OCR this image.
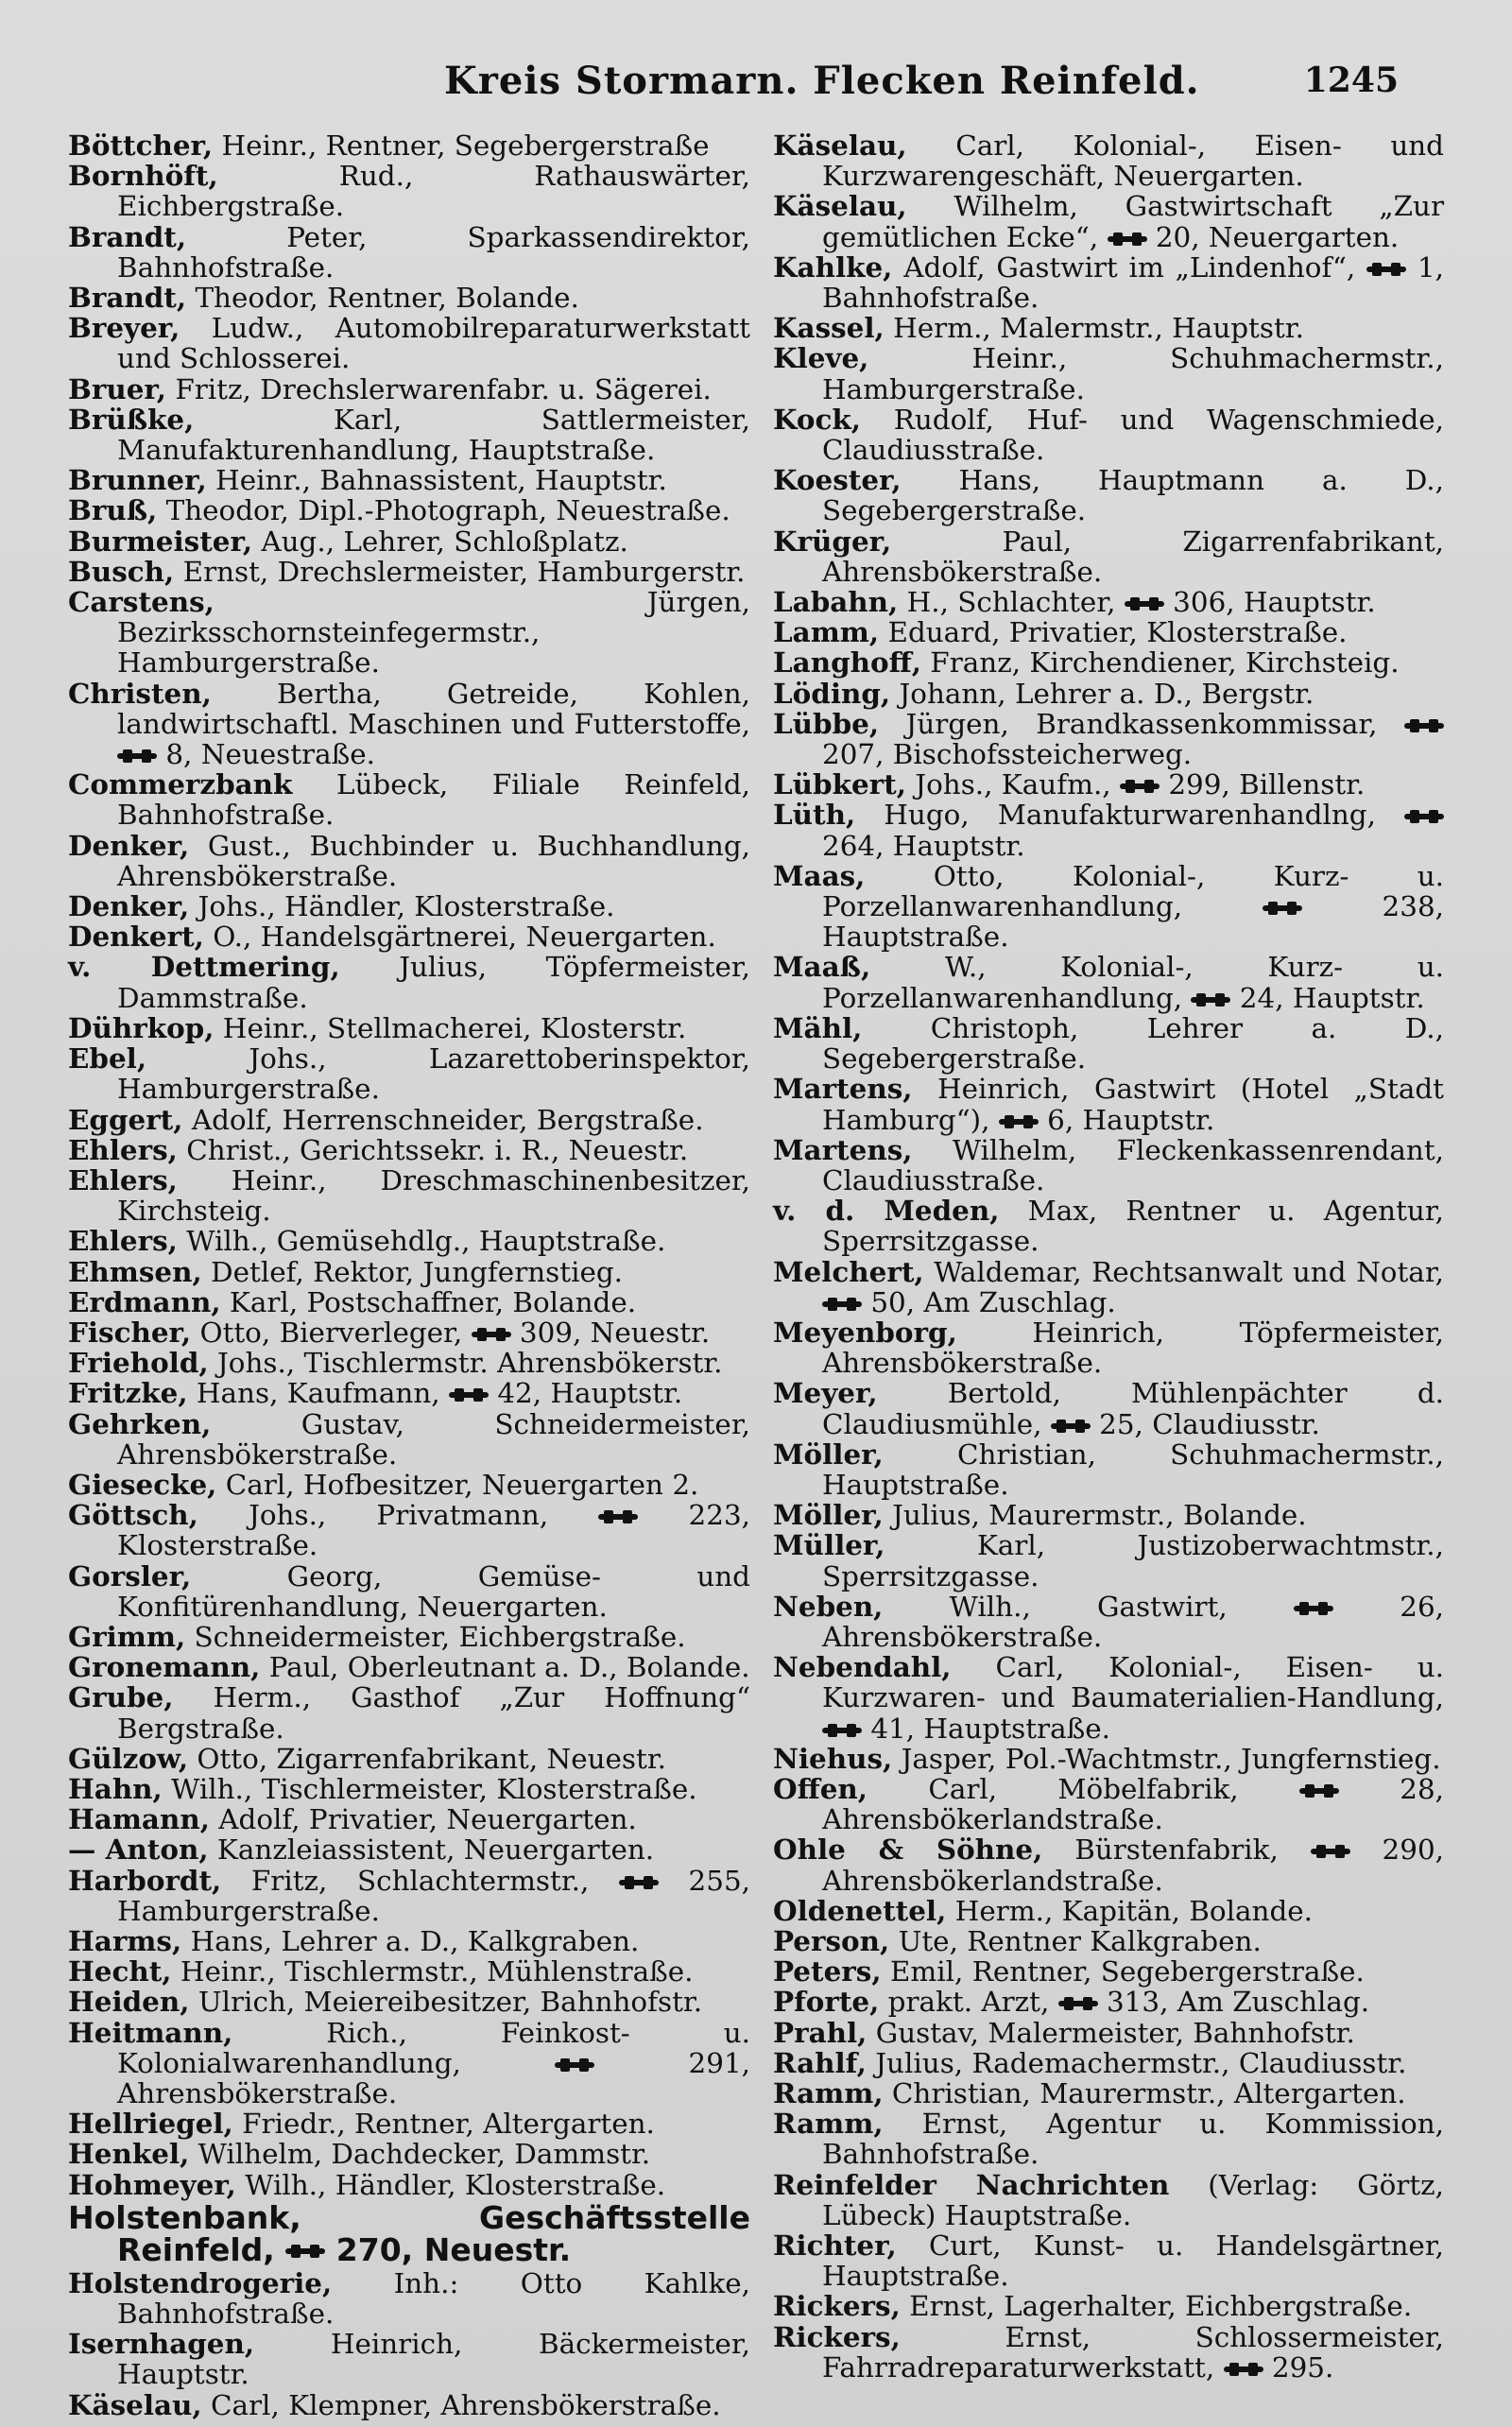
Kreis Stormarn. Flecken Reinfeld.	1245

Böttcher, Heinr., Rentner, Segebergerstraße

Bornhöft, Rud., Rathauswärter, Eichbergstraße.

Brandt, Peter, Sparkassendirektor, Bahnhofstraße.

Brandt, Theodor, Rentner, Bolande.

Breyer, Ludw., Automobilreparaturwerkstatt und Schlosserei.

Bruer, Fritz, Drechslerwarenfabr. u. Sägerei.

Brüßke, Karl, Sattlermeister, Manufakturenhandlung, Hauptstraße.

Brunner, Heinr., Bahnassistent, Hauptstr.

Bruß, Theodor, Dipl.-Photograph, Neuestraße.

Burmeister, Aug., Lehrer, Schloßplatz.

Busch, Ernst, Drechslermeister, Hamburgerstr.

Carstens, Jürgen, Bezirksschornsteinfegermstr., Hamburgerstraße.

Christen, Bertha, Getreide, Kohlen, landwirtschaftl. Maschinen und Futterstoffe,  8, Neuestraße.

Commerzbank Lübeck, Filiale Reinfeld, Bahnhofstraße.

Denker, Gust., Buchbinder u. Buchhandlung, Ahrensbökerstraße.

Denker, Johs., Händler, Klosterstraße.

Denkert, O., Handelsgärtnerei, Neuergarten.

v. Dettmering, Julius, Töpfermeister, Dammstraße.

Dührkop, Heinr., Stellmacherei, Klosterstr.

Ebel, Johs., Lazarettoberinspektor, Hamburgerstraße.

Eggert, Adolf, Herrenschneider, Bergstraße.

Ehlers, Christ., Gerichtssekr. i. R., Neuestr.

Ehlers, Heinr., Dreschmaschinenbesitzer, Kirchsteig.

Ehlers, Wilh., Gemüsehdlg., Hauptstraße.

Ehmsen, Detlef, Rektor, Jungfernstieg.

Erdmann, Karl, Postschaffner, Bolande.

Fischer, Otto, Bierverleger,  309, Neuestr.

Friehold, Johs., Tischlermstr. Ahrensbökerstr.

Fritzke, Hans, Kaufmann,  42, Hauptstr.

Gehrken, Gustav, Schneidermeister, Ahrensbökerstraße.

Giesecke, Carl, Hofbesitzer, Neuergarten 2.

Göttsch, Johs., Privatmann,	223, Klosterstraße.

Gorsler, Georg, Gemüse- und Konfitürenhandlung, Neuergarten.

Grimm, Schneidermeister, Eichbergstraße.

Gronemann, Paul, Oberleutnant a. D., Bolande.

Grube, Herm., Gasthof „Zur Hoffnung“ Bergstraße.

Gülzow, Otto, Zigarrenfabrikant, Neuestr.

Hahn, Wilh., Tischlermeister, Klosterstraße.

Hamann, Adolf, Privatier, Neuergarten.

— Anton, Kanzleiassistent, Neuergarten.

Harbordt, Fritz, Schlachtermstr.,	255, Hamburgerstraße.

Harms, Hans, Lehrer a. D., Kalkgraben.

Hecht, Heinr., Tischlermstr., Mühlenstraße.

Heiden, Ulrich, Meiereibesitzer, Bahnhofstr.

Heitmann, Rich., Feinkost- u. Kolonialwarenhandlung,	291, Ahrensbökerstraße.

Hellriegel, Friedr., Rentner, Altergarten.

Henkel, Wilhelm, Dachdecker, Dammstr.

Hohmeyer, Wilh., Händler, Klosterstraße.

Holstenbank, Geschäftsstelle Reinfeld,  270, Neuestr.

Holstendrogerie, Inh.: Otto Kahlke, Bahnhofstraße.

Isernhagen, Heinrich, Bäckermeister, Hauptstr.

Käselau, Carl, Klempner, Ahrensbökerstraße.

Käselau, Carl, Kolonial-, Eisen- und Kurzwarengeschäft, Neuergarten.

Käselau, Wilhelm, Gastwirtschaft „Zur gemütlichen Ecke“,  20, Neuergarten.

Kahlke, Adolf, Gastwirt im „Lindenhof“,  1, Bahnhofstraße.

Kassel, Herm., Malermstr., Hauptstr.

Kleve, Heinr., Schuhmachermstr., Hamburgerstraße.

Kock, Rudolf, Huf- und Wagenschmiede, Claudiusstraße.

Koester, Hans, Hauptmann a. D., Segebergerstraße.

Krüger, Paul, Zigarrenfabrikant, Ahrensbökerstraße.

Labahn, H., Schlachter,  306, Hauptstr.

Lamm, Eduard, Privatier, Klosterstraße.

Langhoff, Franz, Kirchendiener, Kirchsteig.

Löding, Johann, Lehrer a. D., Bergstr.

Lübbe, Jürgen, Brandkassenkommissar,  207, Bischofssteicherweg.

Lübkert, Johs., Kaufm.,  299, Billenstr.

Lüth, Hugo, Manufakturwarenhandlng,  264, Hauptstr.

Maas, Otto, Kolonial-, Kurz- u. Porzellanwarenhandlung,	238, Hauptstraße.

Maaß, W., Kolonial-, Kurz- u. Porzellanwarenhandlung,  24, Hauptstr.

Mähl, Christoph, Lehrer a. D., Segebergerstraße.

Martens, Heinrich, Gastwirt (Hotel „Stadt Hamburg“),  6, Hauptstr.

Martens, Wilhelm, Fleckenkassenrendant, Claudiusstraße.

v. d. Meden, Max, Rentner u. Agentur, Sperrsitzgasse.

Melchert, Waldemar, Rechtsanwalt und Notar,  50, Am Zuschlag.

Meyenborg, Heinrich, Töpfermeister, Ahrensbökerstraße.

Meyer, Bertold, Mühlenpächter d. Claudiusmühle,  25, Claudiusstr.

Möller, Christian, Schuhmachermstr., Hauptstraße.

Möller, Julius, Maurermstr., Bolande.

Müller, Karl, Justizoberwachtmstr., Sperrsitzgasse.

Neben, Wilh., Gastwirt,	26, Ahrensbökerstraße.

Nebendahl, Carl, Kolonial-, Eisen- u. Kurzwaren- und Baumaterialien-Handlung,  41, Hauptstraße.

Niehus, Jasper, Pol.-Wachtmstr., Jungfernstieg.

Offen, Carl, Möbelfabrik,	28, Ahrensbökerlandstraße.

Ohle & Söhne, Bürstenfabrik,	290, Ahrensbökerlandstraße.

Oldenettel, Herm., Kapitän, Bolande.

Person, Ute, Rentner Kalkgraben.

Peters, Emil, Rentner, Segebergerstraße.

Pforte, prakt. Arzt,  313, Am Zuschlag.

Prahl, Gustav, Malermeister, Bahnhofstr.

Rahlf, Julius, Rademachermstr., Claudiusstr.

Ramm, Christian, Maurermstr., Altergarten.

Ramm, Ernst, Agentur u. Kommission, Bahnhofstraße.

Reinfelder Nachrichten (Verlag: Görtz, Lübeck) Hauptstraße.

Richter, Curt, Kunst- u. Handelsgärtner, Hauptstraße.

Rickers, Ernst, Lagerhalter, Eichbergstraße.

Rickers, Ernst, Schlossermeister, Fahrradreparaturwerkstatt,  295.
